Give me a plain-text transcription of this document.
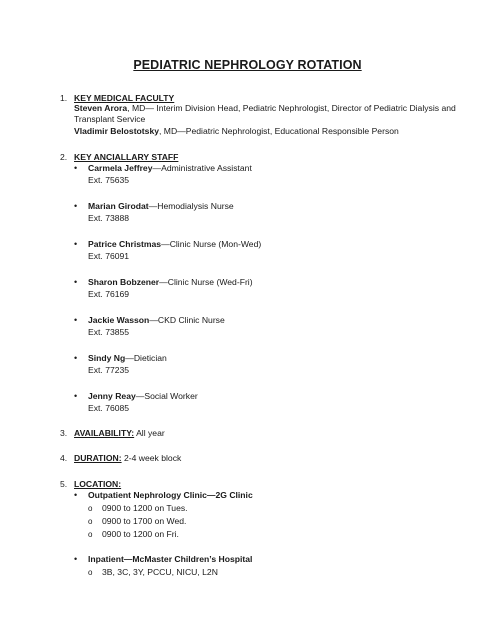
PEDIATRIC NEPHROLOGY ROTATION
1. KEY MEDICAL FACULTY
Steven Arora, MD— Interim Division Head, Pediatric Nephrologist, Director of Pediatric Dialysis and
Transplant Service
Vladimir Belostotsky, MD—Pediatric Nephrologist, Educational Responsible Person
2. KEY ANCIALLARY STAFF
• Carmela Jeffrey—Administrative Assistant
Ext. 75635
• Marian Girodat—Hemodialysis Nurse
Ext. 73888
• Patrice Christmas—Clinic Nurse (Mon-Wed)
Ext. 76091
• Sharon Bobzener—Clinic Nurse (Wed-Fri)
Ext. 76169
• Jackie Wasson—CKD Clinic Nurse
Ext. 73855
• Sindy Ng—Dietician
Ext. 77235
• Jenny Reay—Social Worker
Ext. 76085
3. AVAILABILITY: All year
4. DURATION: 2-4 week block
5. LOCATION:
• Outpatient Nephrology Clinic—2G Clinic
o 0900 to 1200 on Tues.
o 0900 to 1700 on Wed.
o 0900 to 1200 on Fri.
• Inpatient—McMaster Children’s Hospital
o 3B, 3C, 3Y, PCCU, NICU, L2N
